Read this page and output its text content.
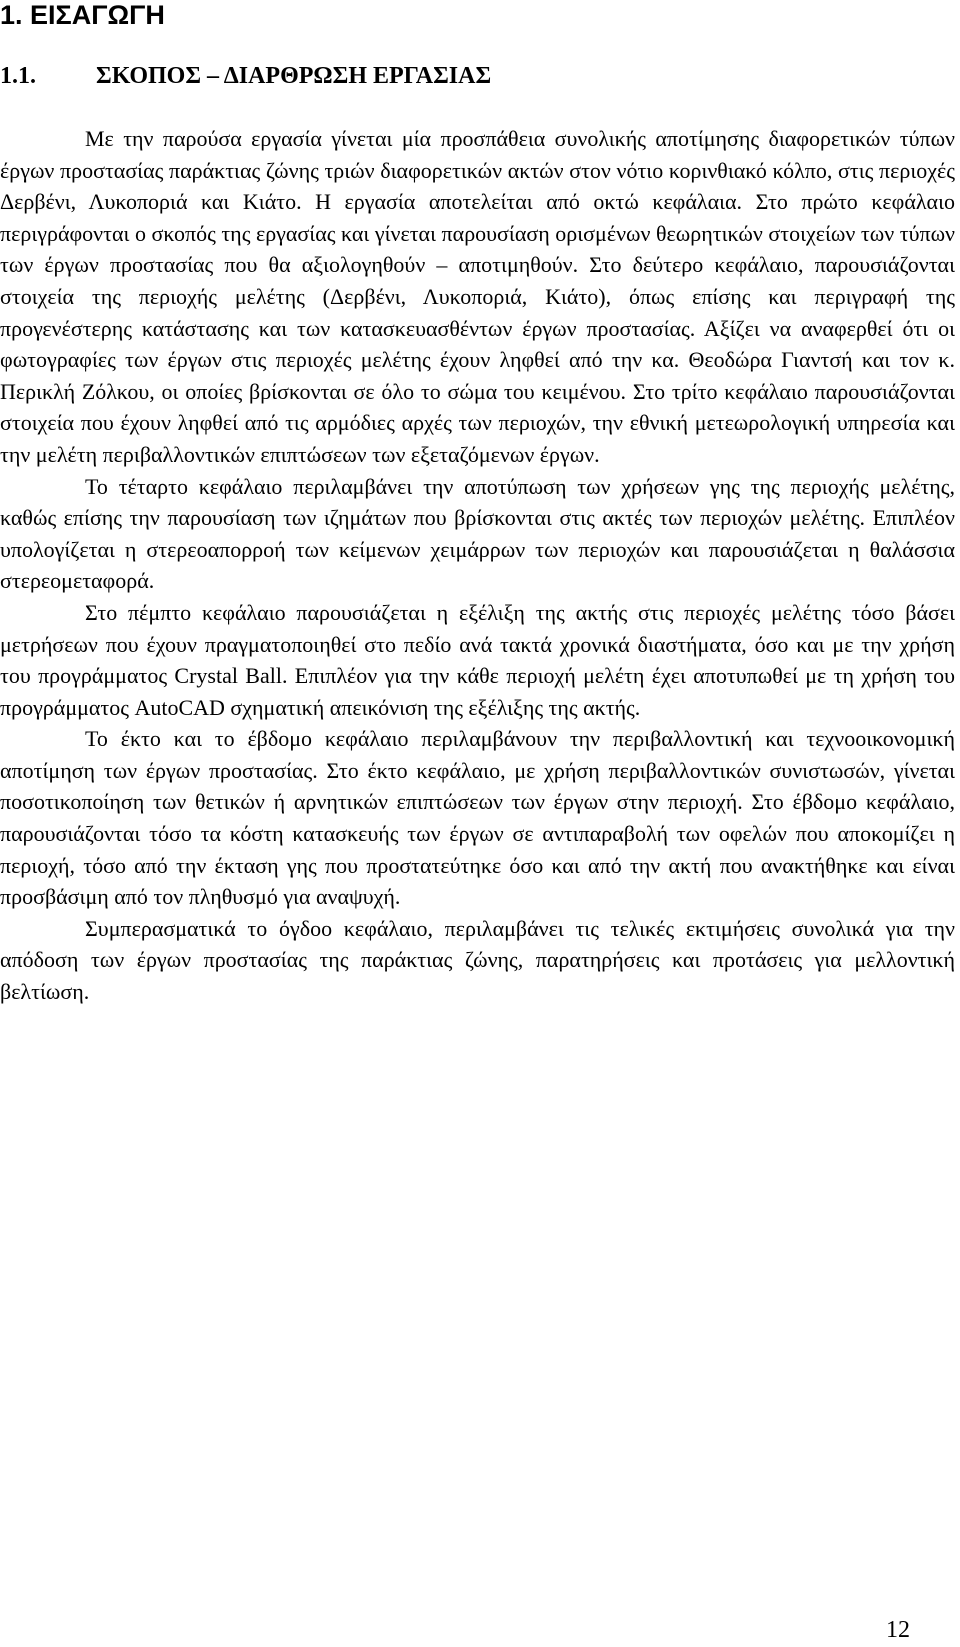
1. ΕΙΣΑΓΩΓΗ
1.1.	ΣΚΟΠΟΣ – ΔΙΑΡΘΡΩΣΗ ΕΡΓΑΣΙΑΣ

Με την παρούσα εργασία γίνεται μία προσπάθεια συνολικής αποτίμησης διαφορετικών τύπων έργων προστασίας παράκτιας ζώνης τριών διαφορετικών ακτών στον νότιο κορινθιακό κόλπο, στις περιοχές Δερβένι, Λυκοποριά και Κιάτο. Η εργασία αποτελείται από οκτώ κεφάλαια. Στο πρώτο κεφάλαιο περιγράφονται ο σκοπός της εργασίας και γίνεται παρουσίαση ορισμένων θεωρητικών στοιχείων των τύπων των έργων προστασίας που θα αξιολογηθούν – αποτιμηθούν. Στο δεύτερο κεφάλαιο, παρουσιάζονται στοιχεία της περιοχής μελέτης (Δερβένι, Λυκοποριά, Κιάτο), όπως επίσης και περιγραφή της προγενέστερης κατάστασης και των κατασκευασθέντων έργων προστασίας. Αξίζει να αναφερθεί ότι οι φωτογραφίες των έργων στις περιοχές μελέτης έχουν ληφθεί από την κα. Θεοδώρα Γιαντσή και τον κ. Περικλή Ζόλκου, οι οποίες βρίσκονται σε όλο το σώμα του κειμένου. Στο τρίτο κεφάλαιο παρουσιάζονται στοιχεία που έχουν ληφθεί από τις αρμόδιες αρχές των περιοχών, την εθνική μετεωρολογική υπηρεσία και την μελέτη περιβαλλοντικών επιπτώσεων των εξεταζόμενων έργων.

Το τέταρτο κεφάλαιο περιλαμβάνει την αποτύπωση των χρήσεων γης της περιοχής μελέτης, καθώς επίσης την παρουσίαση των ιζημάτων που βρίσκονται στις ακτές των περιοχών μελέτης. Επιπλέον υπολογίζεται η στερεοαπορροή των κείμενων χειμάρρων των περιοχών και παρουσιάζεται η θαλάσσια στερεομεταφορά.

Στο πέμπτο κεφάλαιο παρουσιάζεται η εξέλιξη της ακτής στις περιοχές μελέτης τόσο βάσει μετρήσεων που έχουν πραγματοποιηθεί στο πεδίο ανά τακτά χρονικά διαστήματα, όσο και με την χρήση του προγράμματος Crystal Ball. Επιπλέον για την κάθε περιοχή μελέτη έχει αποτυπωθεί με τη χρήση του προγράμματος AutoCAD σχηματική απεικόνιση της εξέλιξης της ακτής.

Το έκτο και το έβδομο κεφάλαιο περιλαμβάνουν την περιβαλλοντική και τεχνοοικονομική αποτίμηση των έργων προστασίας. Στο έκτο κεφάλαιο, με χρήση περιβαλλοντικών συνιστωσών, γίνεται ποσοτικοποίηση των θετικών ή αρνητικών επιπτώσεων των έργων στην περιοχή. Στο έβδομο κεφάλαιο, παρουσιάζονται τόσο τα κόστη κατασκευής των έργων σε αντιπαραβολή των οφελών που αποκομίζει η περιοχή, τόσο από την έκταση γης που προστατεύτηκε όσο και από την ακτή που ανακτήθηκε και είναι προσβάσιμη από τον πληθυσμό για αναψυχή.

Συμπερασματικά το όγδοο κεφάλαιο, περιλαμβάνει τις τελικές εκτιμήσεις συνολικά για την απόδοση των έργων προστασίας της παράκτιας ζώνης, παρατηρήσεις και προτάσεις για μελλοντική βελτίωση.

12
